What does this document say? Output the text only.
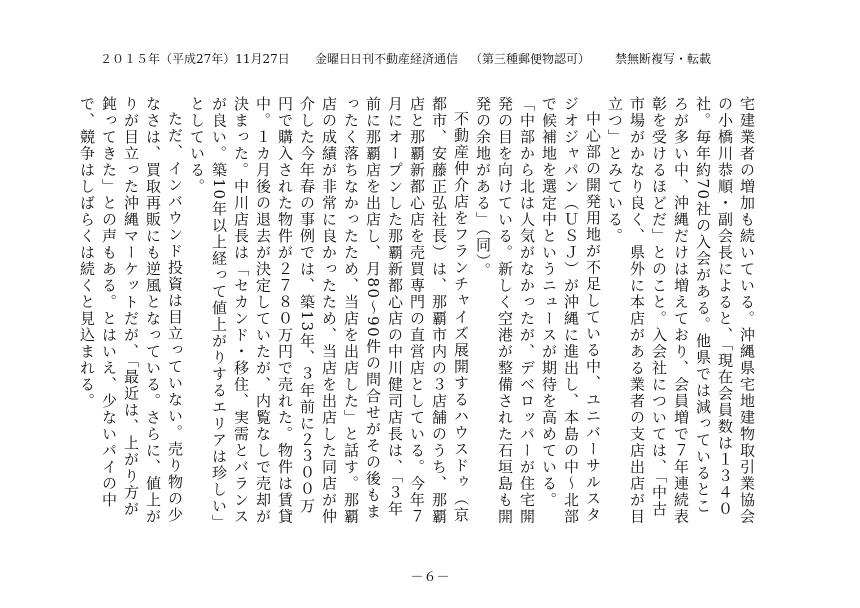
２０１５年（平成27年）11月27日 金曜日
日刊不動産経済通信 （第三種郵便物認可） 禁無断複写・転載

宅建業者の増加も続いている。沖縄県宅地建物取引業協会の小橋川恭順・副会長によると、「現在会員数は１３４０社。毎年約70社の入会がある。他県では減っているところが多い中、沖縄だけは増えており、会員増で７年連続表彰を受けるほどだ」とのこと。入会社については、「中古市場がかなり良く、県外に本店がある業者の支店出店が目立つ」とみている。

中心部の開発用地が不足している中、ユニバーサルスタジオジャパン（ＵＳＪ）が沖縄に進出し、本島の中～北部で候補地を選定中というニュースが期待を高めている。「中部から北は人気がなかったが、デベロッパーが住宅開発の目を向けている。新しく空港が整備された石垣島も開発の余地がある」（同）。

不動産仲介店をフランチャイズ展開するハウスドゥ（京都市、安藤正弘社長）は、那覇市内の３店舗のうち、那覇店と那覇新都心店を売買専門の直営店としている。今年７月にオープンした那覇新都心店の中川健司店長は、「３年前に那覇店を出店し、月80～90件の問合せがその後もまったく落ちなかったため、当店を出店した」と話す。那覇店の成績が非常に良かったため、当店を出店した同店が仲介した今年春の事例では、築13年、３年前に２３００万円で購入された物件が２７８０万円で売れた。物件は賃貸中。１カ月後の退去が決定していたが、内覧なしで売却が決まった。中川店長は「セカンド・移住、実需とバランスが良い。築10年以上経って値上がりするエリアは珍しい」としている。

ただ、インバウンド投資は目立っていない。売り物の少なさは、買取再販にも逆風となっている。さらに、値上がりが目立った沖縄マーケットだが、「最近は、上がり方が鈍ってきた」との声もある。とはいえ、少ないパイの中で、競争はしばらくは続くと見込まれる。

－６－
